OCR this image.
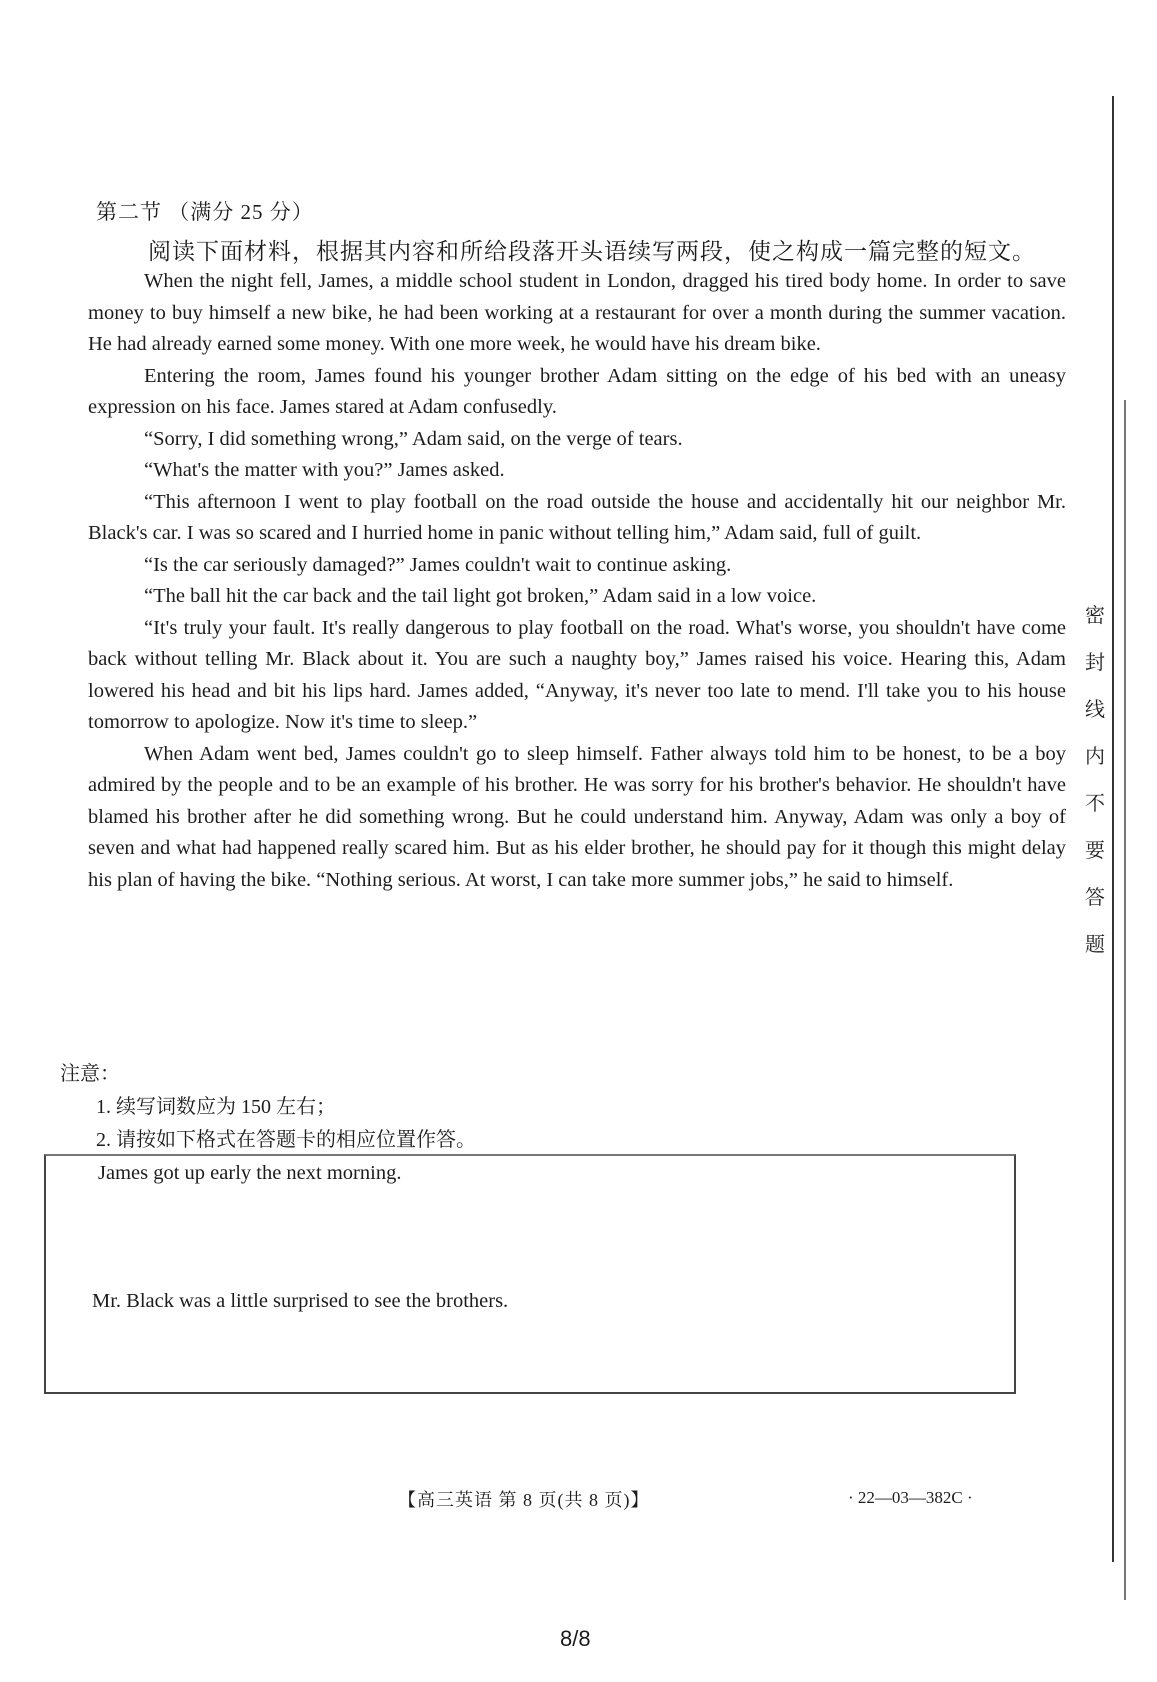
第二节 （满分 25 分）
阅读下面材料，根据其内容和所给段落开头语续写两段，使之构成一篇完整的短文。

When the night fell, James, a middle school student in London, dragged his tired body home. In order to save money to buy himself a new bike, he had been working at a restaurant for over a month during the summer vacation. He had already earned some money. With one more week, he would have his dream bike.

Entering the room, James found his younger brother Adam sitting on the edge of his bed with an uneasy expression on his face. James stared at Adam confusedly.

“Sorry, I did something wrong,” Adam said, on the verge of tears.

“What's the matter with you?” James asked.

“This afternoon I went to play football on the road outside the house and accidentally hit our neighbor Mr. Black's car. I was so scared and I hurried home in panic without telling him,” Adam said, full of guilt.

“Is the car seriously damaged?” James couldn't wait to continue asking.

“The ball hit the car back and the tail light got broken,” Adam said in a low voice.

“It's truly your fault. It's really dangerous to play football on the road. What's worse, you shouldn't have come back without telling Mr. Black about it. You are such a naughty boy,” James raised his voice. Hearing this, Adam lowered his head and bit his lips hard. James added, “Anyway, it's never too late to mend. I'll take you to his house tomorrow to apologize. Now it's time to sleep.”

When Adam went bed, James couldn't go to sleep himself. Father always told him to be honest, to be a boy admired by the people and to be an example of his brother. He was sorry for his brother's behavior. He shouldn't have blamed his brother after he did something wrong. But he could understand him. Anyway, Adam was only a boy of seven and what had happened really scared him. But as his elder brother, he should pay for it though this might delay his plan of having the bike. “Nothing serious. At worst, I can take more summer jobs,” he said to himself.

注意：
1. 续写词数应为 150 左右；
2. 请按如下格式在答题卡的相应位置作答。
James got up early the next morning.
Mr. Black was a little surprised to see the brothers.
【高三英语 第 8 页(共 8 页)】	· 22—03—382C ·
8/8
密
封
线
内
不
要
答
题
